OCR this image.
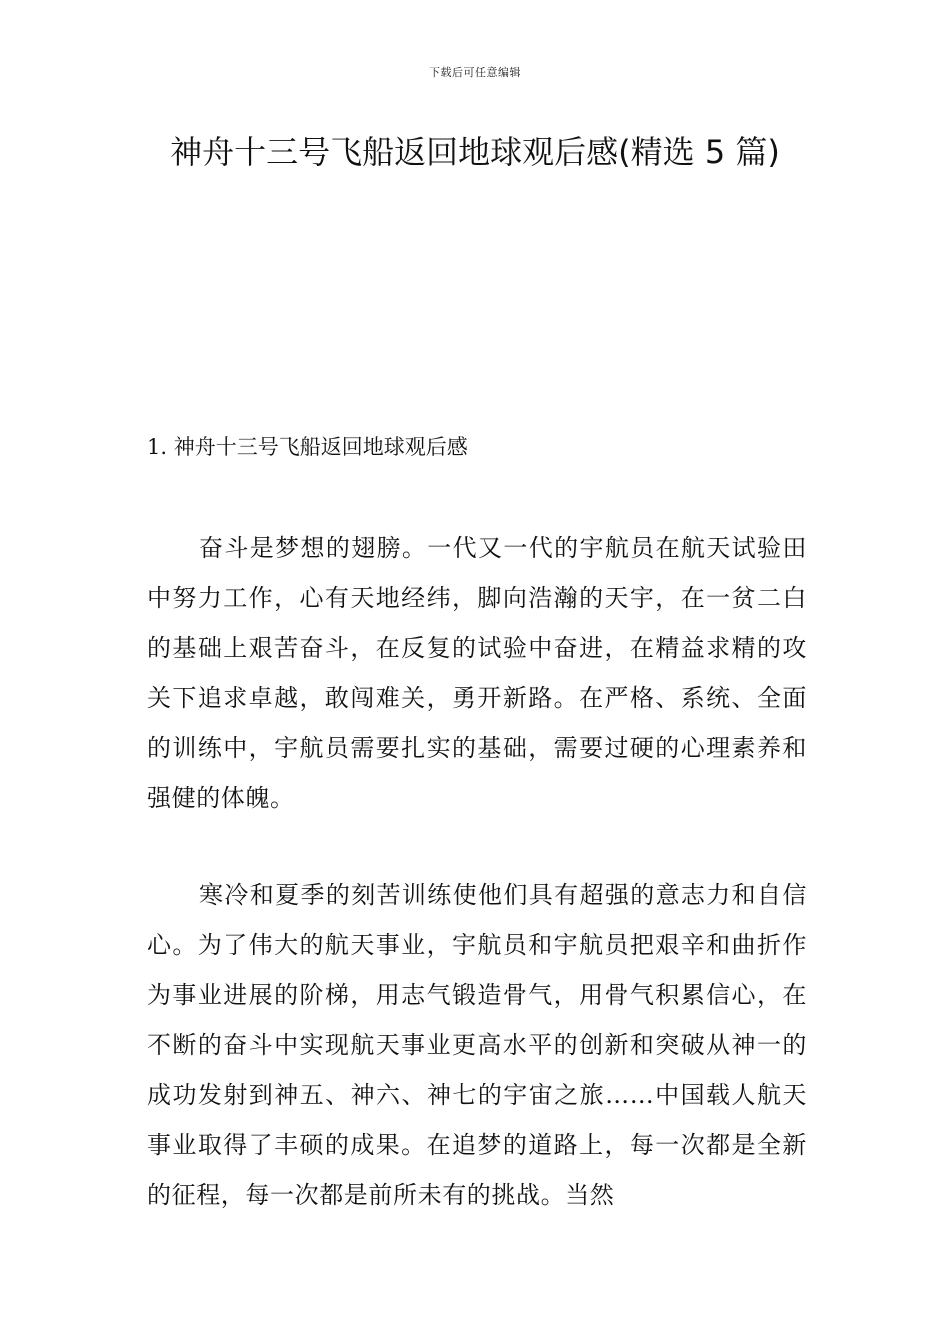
下载后可任意编辑
神舟十三号飞船返回地球观后感(精选 5 篇)
1. 神舟十三号飞船返回地球观后感

奋斗是梦想的翅膀。一代又一代的宇航员在航天试验田中努力工作，心有天地经纬，脚向浩瀚的天宇，在一贫二白的基础上艰苦奋斗，在反复的试验中奋进，在精益求精的攻关下追求卓越，敢闯难关，勇开新路。在严格、系统、全面的训练中，宇航员需要扎实的基础，需要过硬的心理素养和强健的体魄。

寒冷和夏季的刻苦训练使他们具有超强的意志力和自信心。为了伟大的航天事业，宇航员和宇航员把艰辛和曲折作为事业进展的阶梯，用志气锻造骨气，用骨气积累信心，在不断的奋斗中实现航天事业更高水平的创新和突破从神一的成功发射到神五、神六、神七的宇宙之旅……中国载人航天事业取得了丰硕的成果。在追梦的道路上，每一次都是全新的征程，每一次都是前所未有的挑战。当然
